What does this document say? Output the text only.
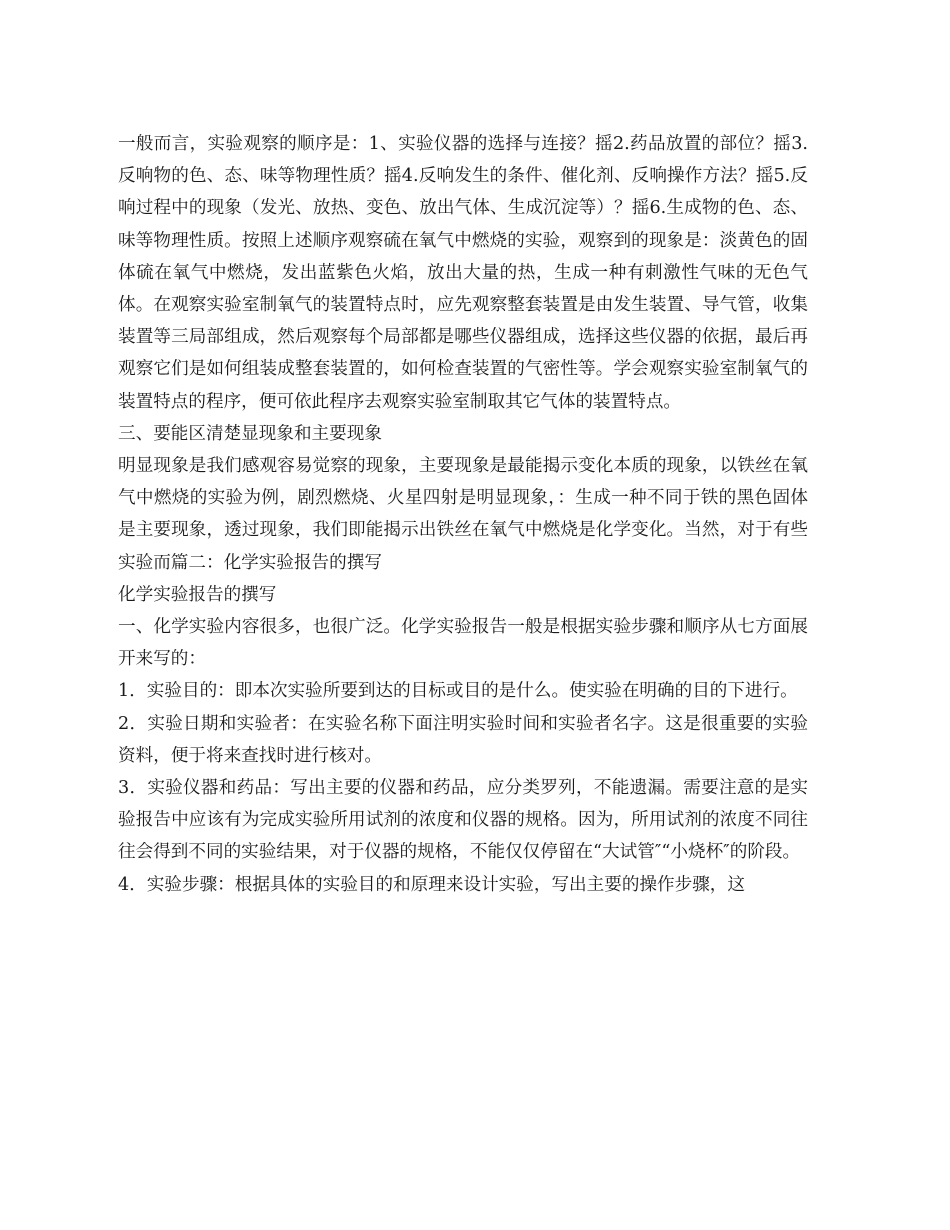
一般而言，实验观察的顺序是：1、实验仪器的选择与连接？摇2.药品放置的部位？摇3.反响物的色、态、味等物理性质？摇4.反响发生的条件、催化剂、反响操作方法？摇5.反响过程中的现象（发光、放热、变色、放出气体、生成沉淀等）？摇6.生成物的色、态、味等物理性质。按照上述顺序观察硫在氧气中燃烧的实验，观察到的现象是：淡黄色的固体硫在氧气中燃烧，发出蓝紫色火焰，放出大量的热，生成一种有刺激性气味的无色气体。在观察实验室制氧气的装置特点时，应先观察整套装置是由发生装置、导气管，收集装置等三局部组成，然后观察每个局部都是哪些仪器组成，选择这些仪器的依据，最后再观察它们是如何组装成整套装置的，如何检查装置的气密性等。学会观察实验室制氧气的装置特点的程序，便可依此程序去观察实验室制取其它气体的装置特点。

三、要能区清楚显现象和主要现象

明显现象是我们感观容易觉察的现象，主要现象是最能揭示变化本质的现象，以铁丝在氧气中燃烧的实验为例，剧烈燃烧、火星四射是明显现象，：生成一种不同于铁的黑色固体是主要现象，透过现象，我们即能揭示出铁丝在氧气中燃烧是化学变化。当然，对于有些实验而篇二：化学实验报告的撰写

化学实验报告的撰写

一、化学实验内容很多，也很广泛。化学实验报告一般是根据实验步骤和顺序从七方面展开来写的：

1．实验目的：即本次实验所要到达的目标或目的是什么。使实验在明确的目的下进行。

2．实验日期和实验者：在实验名称下面注明实验时间和实验者名字。这是很重要的实验资料，便于将来查找时进行核对。

3．实验仪器和药品：写出主要的仪器和药品，应分类罗列，不能遗漏。需要注意的是实验报告中应该有为完成实验所用试剂的浓度和仪器的规格。因为，所用试剂的浓度不同往往会得到不同的实验结果，对于仪器的规格，不能仅仅停留在“大试管″“小烧杯″的阶段。

4．实验步骤：根据具体的实验目的和原理来设计实验，写出主要的操作步骤，这
